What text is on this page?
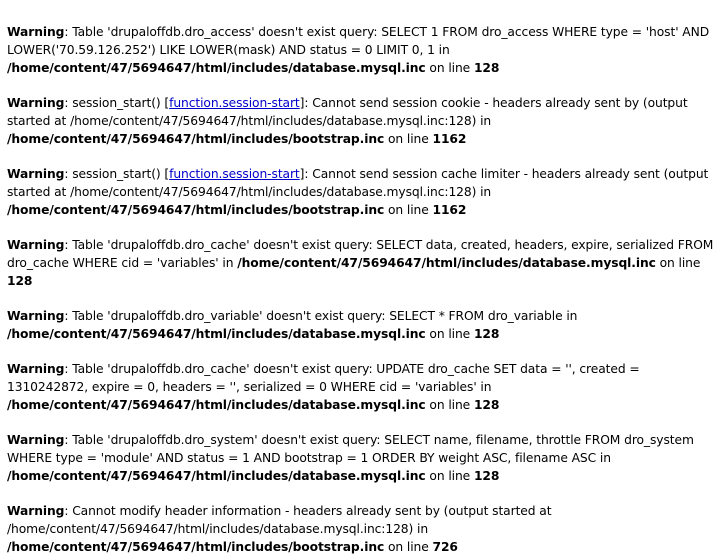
Warning: Table 'drupaloffdb.dro_access' doesn't exist query: SELECT 1 FROM dro_access WHERE type = 'host' AND LOWER('70.59.126.252') LIKE LOWER(mask) AND status = 0 LIMIT 0, 1 in
/home/content/47/5694647/html/includes/database.mysql.inc on line 128
Warning: session_start() [function.session-start]: Cannot send session cookie - headers already sent by (output started at /home/content/47/5694647/html/includes/database.mysql.inc:128) in
/home/content/47/5694647/html/includes/bootstrap.inc on line 1162
Warning: session_start() [function.session-start]: Cannot send session cache limiter - headers already sent (output started at /home/content/47/5694647/html/includes/database.mysql.inc:128) in
/home/content/47/5694647/html/includes/bootstrap.inc on line 1162
Warning: Table 'drupaloffdb.dro_cache' doesn't exist query: SELECT data, created, headers, expire, serialized FROM dro_cache WHERE cid = 'variables' in /home/content/47/5694647/html/includes/database.mysql.inc on line 128
Warning: Table 'drupaloffdb.dro_variable' doesn't exist query: SELECT * FROM dro_variable in
/home/content/47/5694647/html/includes/database.mysql.inc on line 128
Warning: Table 'drupaloffdb.dro_cache' doesn't exist query: UPDATE dro_cache SET data = '', created = 1310242872, expire = 0, headers = '', serialized = 0 WHERE cid = 'variables' in
/home/content/47/5694647/html/includes/database.mysql.inc on line 128
Warning: Table 'drupaloffdb.dro_system' doesn't exist query: SELECT name, filename, throttle FROM dro_system WHERE type = 'module' AND status = 1 AND bootstrap = 1 ORDER BY weight ASC, filename ASC in
/home/content/47/5694647/html/includes/database.mysql.inc on line 128
Warning: Cannot modify header information - headers already sent by (output started at /home/content/47/5694647/html/includes/database.mysql.inc:128) in
/home/content/47/5694647/html/includes/bootstrap.inc on line 726
